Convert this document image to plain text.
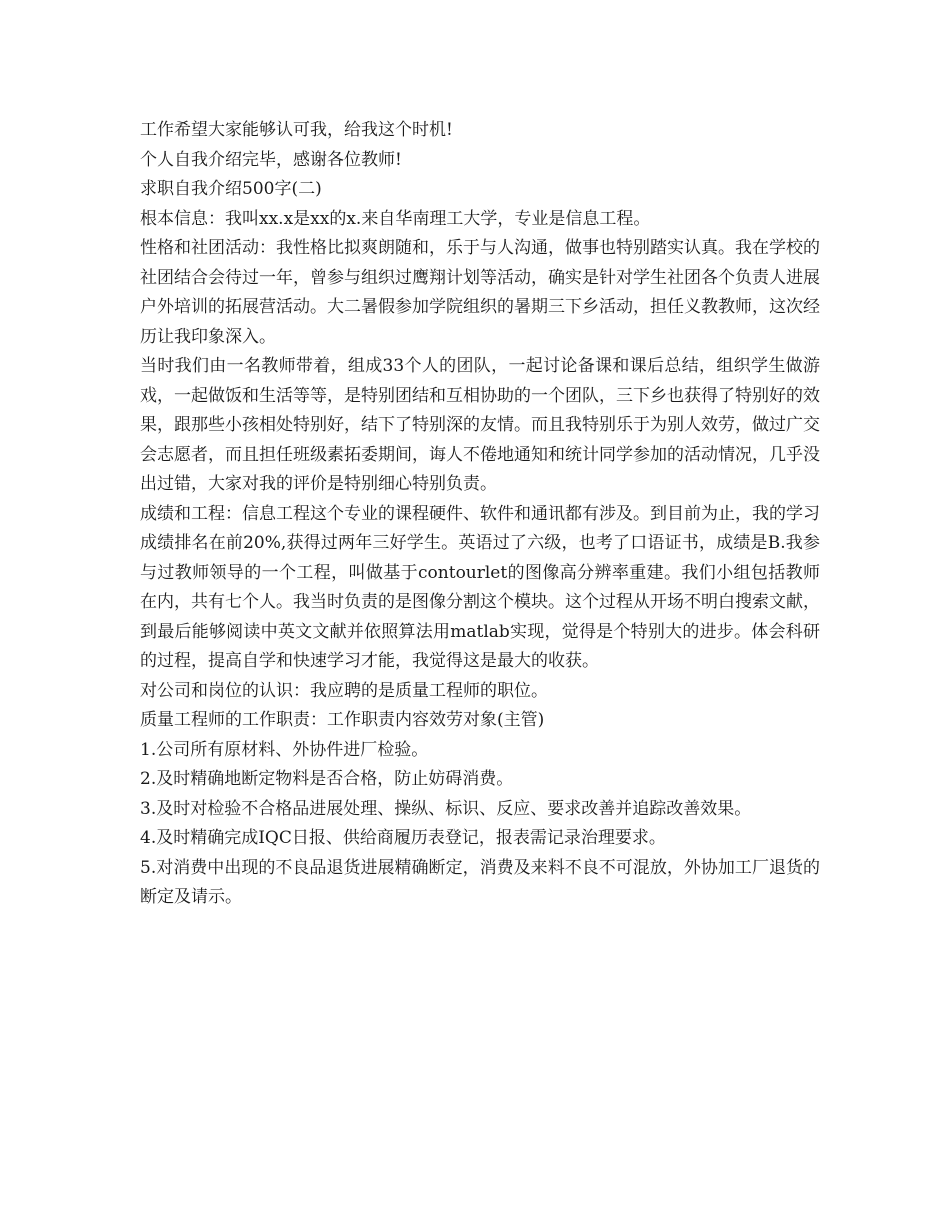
工作希望大家能够认可我，给我这个时机!

个人自我介绍完毕，感谢各位教师!

求职自我介绍500字(二)

根本信息：我叫xx.x是xx的x.来自华南理工大学，专业是信息工程。

性格和社团活动：我性格比拟爽朗随和，乐于与人沟通，做事也特别踏实认真。我在学校的社团结合会待过一年，曾参与组织过鹰翔计划等活动，确实是针对学生社团各个负责人进展户外培训的拓展营活动。大二暑假参加学院组织的暑期三下乡活动，担任义教教师，这次经历让我印象深入。

当时我们由一名教师带着，组成33个人的团队，一起讨论备课和课后总结，组织学生做游戏，一起做饭和生活等等，是特别团结和互相协助的一个团队，三下乡也获得了特别好的效果，跟那些小孩相处特别好，结下了特别深的友情。而且我特别乐于为别人效劳，做过广交会志愿者，而且担任班级素拓委期间，诲人不倦地通知和统计同学参加的活动情况，几乎没出过错，大家对我的评价是特别细心特别负责。

成绩和工程：信息工程这个专业的课程硬件、软件和通讯都有涉及。到目前为止，我的学习成绩排名在前20%,获得过两年三好学生。英语过了六级，也考了口语证书，成绩是B.我参与过教师领导的一个工程，叫做基于contourlet的图像高分辨率重建。我们小组包括教师在内，共有七个人。我当时负责的是图像分割这个模块。这个过程从开场不明白搜索文献，到最后能够阅读中英文文献并依照算法用matlab实现，觉得是个特别大的进步。体会科研的过程，提高自学和快速学习才能，我觉得这是最大的收获。

对公司和岗位的认识：我应聘的是质量工程师的职位。

质量工程师的工作职责：工作职责内容效劳对象(主管)

1.公司所有原材料、外协件进厂检验。

2.及时精确地断定物料是否合格，防止妨碍消费。

3.及时对检验不合格品进展处理、操纵、标识、反应、要求改善并追踪改善效果。

4.及时精确完成IQC日报、供给商履历表登记，报表需记录治理要求。

5.对消费中出现的不良品退货进展精确断定，消费及来料不良不可混放，外协加工厂退货的断定及请示。
